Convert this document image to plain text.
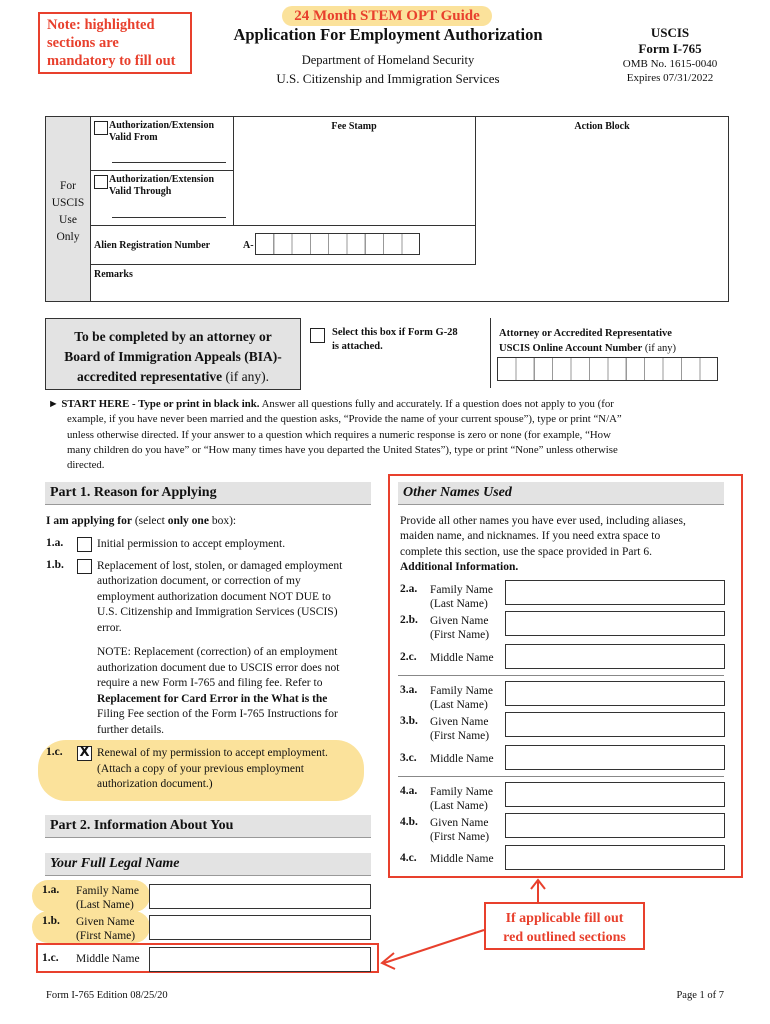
Note: highlighted
sections are
mandatory to fill out
24 Month STEM OPT Guide
Application For Employment Authorization
Department of Homeland Security
U.S. Citizenship and Immigration Services
USCIS
Form I-765
OMB No. 1615-0040
Expires 07/31/2022
For
USCIS
Use
Only
Authorization/Extension
Valid From
Authorization/Extension
Valid Through
Fee Stamp	Action Block
Alien Registration Number	A-
Remarks
To be completed by an attorney or
Board of Immigration Appeals (BIA)-
accredited representative (if any).
Select this box if Form G-28
is attached.
Attorney or Accredited Representative
USCIS Online Account Number (if any)
► START HERE - Type or print in black ink. Answer all questions fully and accurately. If a question does not apply to you (for
example, if you have never been married and the question asks, “Provide the name of your current spouse”), type or print “N/A”
unless otherwise directed. If your answer to a question which requires a numeric response is zero or none (for example, “How
many children do you have” or “How many times have you departed the United States”), type or print “None” unless otherwise
directed.
Part 1. Reason for Applying
I am applying for (select only one box):
1.a.	Initial permission to accept employment.
1.b.	Replacement of lost, stolen, or damaged employment
authorization document, or correction of my
employment authorization document NOT DUE to
U.S. Citizenship and Immigration Services (USCIS)
error.
NOTE: Replacement (correction) of an employment
authorization document due to USCIS error does not
require a new Form I-765 and filing fee. Refer to
Replacement for Card Error in the What is the
Filing Fee section of the Form I-765 Instructions for
further details.
1.c. X Renewal of my permission to accept employment.
(Attach a copy of your previous employment
authorization document.)
Part 2. Information About You
Your Full Legal Name
1.a. Family Name
(Last Name)
1.b. Given Name
(First Name)
1.c. Middle Name
Other Names Used
Provide all other names you have ever used, including aliases,
maiden name, and nicknames. If you need extra space to
complete this section, use the space provided in Part 6.
Additional Information.
2.a. Family Name
(Last Name)
2.b. Given Name
(First Name)
2.c. Middle Name
3.a. Family Name
(Last Name)
3.b. Given Name
(First Name)
3.c. Middle Name
4.a. Family Name
(Last Name)
4.b. Given Name
(First Name)
4.c. Middle Name
If applicable fill out
red outlined sections
Form I-765 Edition 08/25/20	Page 1 of 7
